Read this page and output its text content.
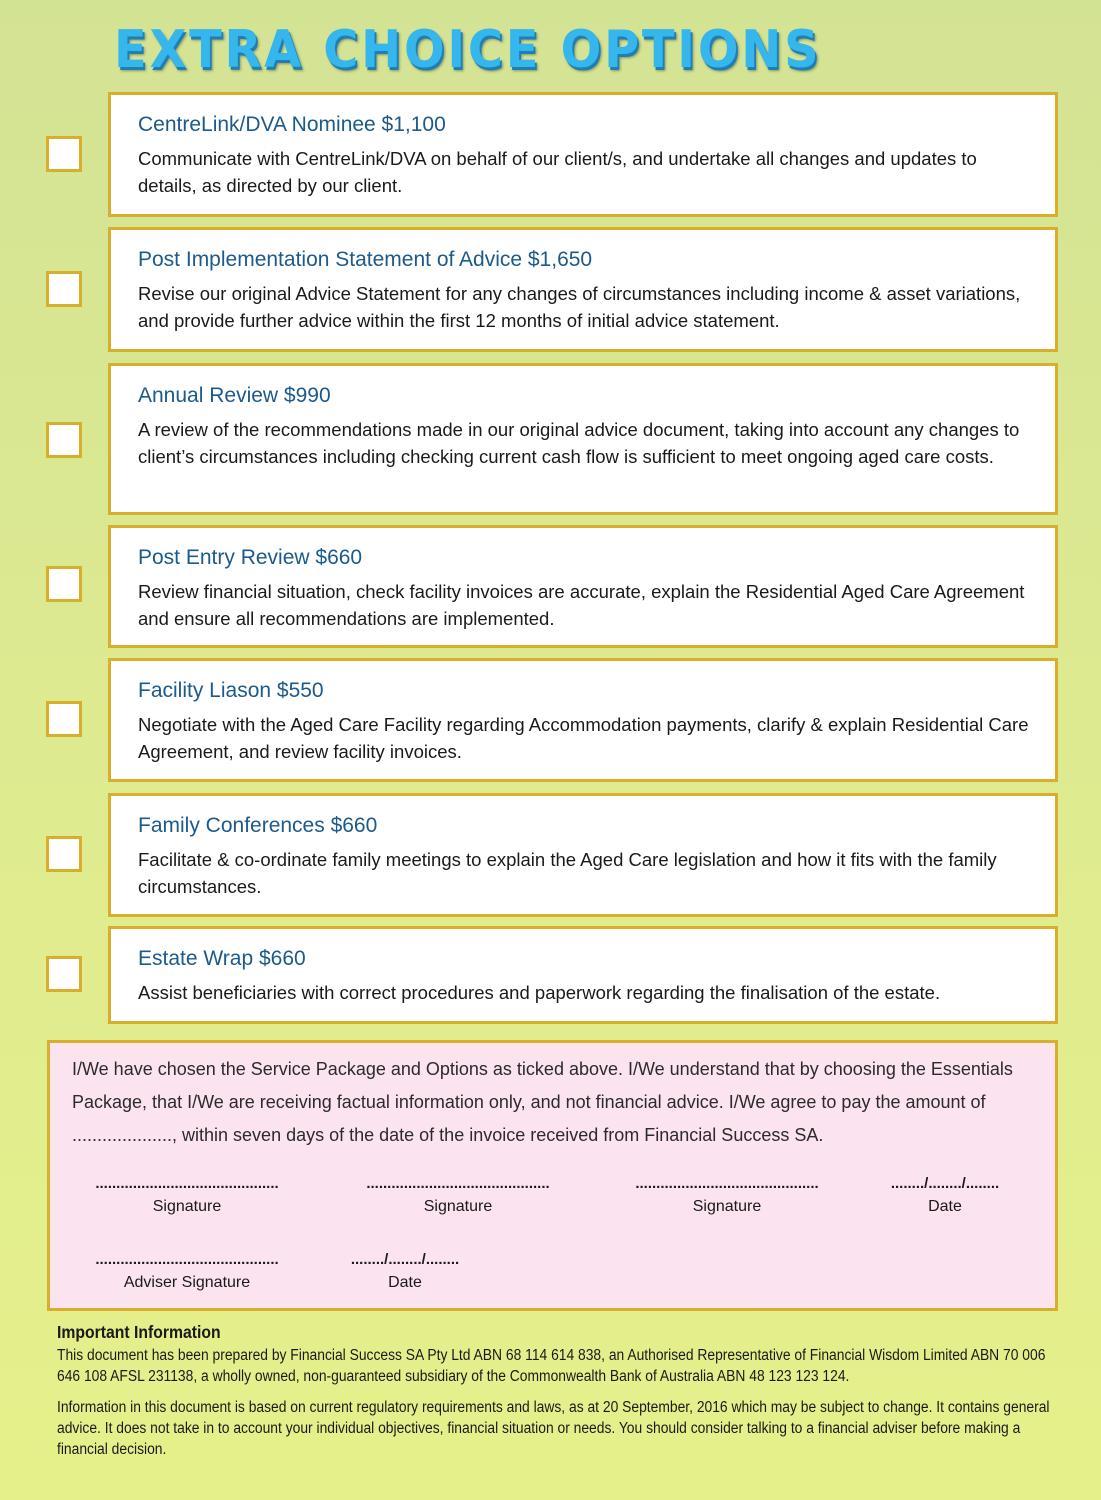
EXTRA CHOICE OPTIONS
CentreLink/DVA Nominee $1,100

Communicate with CentreLink/DVA on behalf of our client/s, and undertake all changes and updates to details, as directed by our client.

Post Implementation Statement of Advice $1,650

Revise our original Advice Statement for any changes of circumstances including income & asset variations, and provide further advice within the first 12 months of initial advice statement.

Annual Review $990

A review of the recommendations made in our original advice document, taking into account any changes to client’s circumstances including checking current cash flow is sufficient to meet ongoing aged care costs.

Post Entry Review $660

Review financial situation, check facility invoices are accurate, explain the Residential Aged Care Agreement and ensure all recommendations are implemented.

Facility Liason $550

Negotiate with the Aged Care Facility regarding Accommodation payments, clarify & explain Residential Care Agreement, and review facility invoices.

Family Conferences $660

Facilitate & co-ordinate family meetings to explain the Aged Care legislation and how it fits with the family circumstances.

Estate Wrap $660

Assist beneficiaries with correct procedures and paperwork regarding the finalisation of the estate.

I/We have chosen the Service Package and Options as ticked above. I/We understand that by choosing the Essentials Package, that I/We are receiving factual information only, and not financial advice. I/We agree to pay the amount of ...................., within seven days of the date of the invoice received from Financial Success SA.

............................................
Signature
............................................
Signature
............................................
Signature
......../......../........
Date
............................................
Adviser Signature
......../......../........
Date
Important Information

This document has been prepared by Financial Success SA Pty Ltd ABN 68 114 614 838, an Authorised Representative of Financial Wisdom Limited ABN 70 006 646 108 AFSL 231138, a wholly owned, non-guaranteed subsidiary of the Commonwealth Bank of Australia ABN 48 123 123 124.

Information in this document is based on current regulatory requirements and laws, as at 20 September, 2016 which may be subject to change. It contains general advice. It does not take in to account your individual objectives, financial situation or needs. You should consider talking to a financial adviser before making a financial decision.
